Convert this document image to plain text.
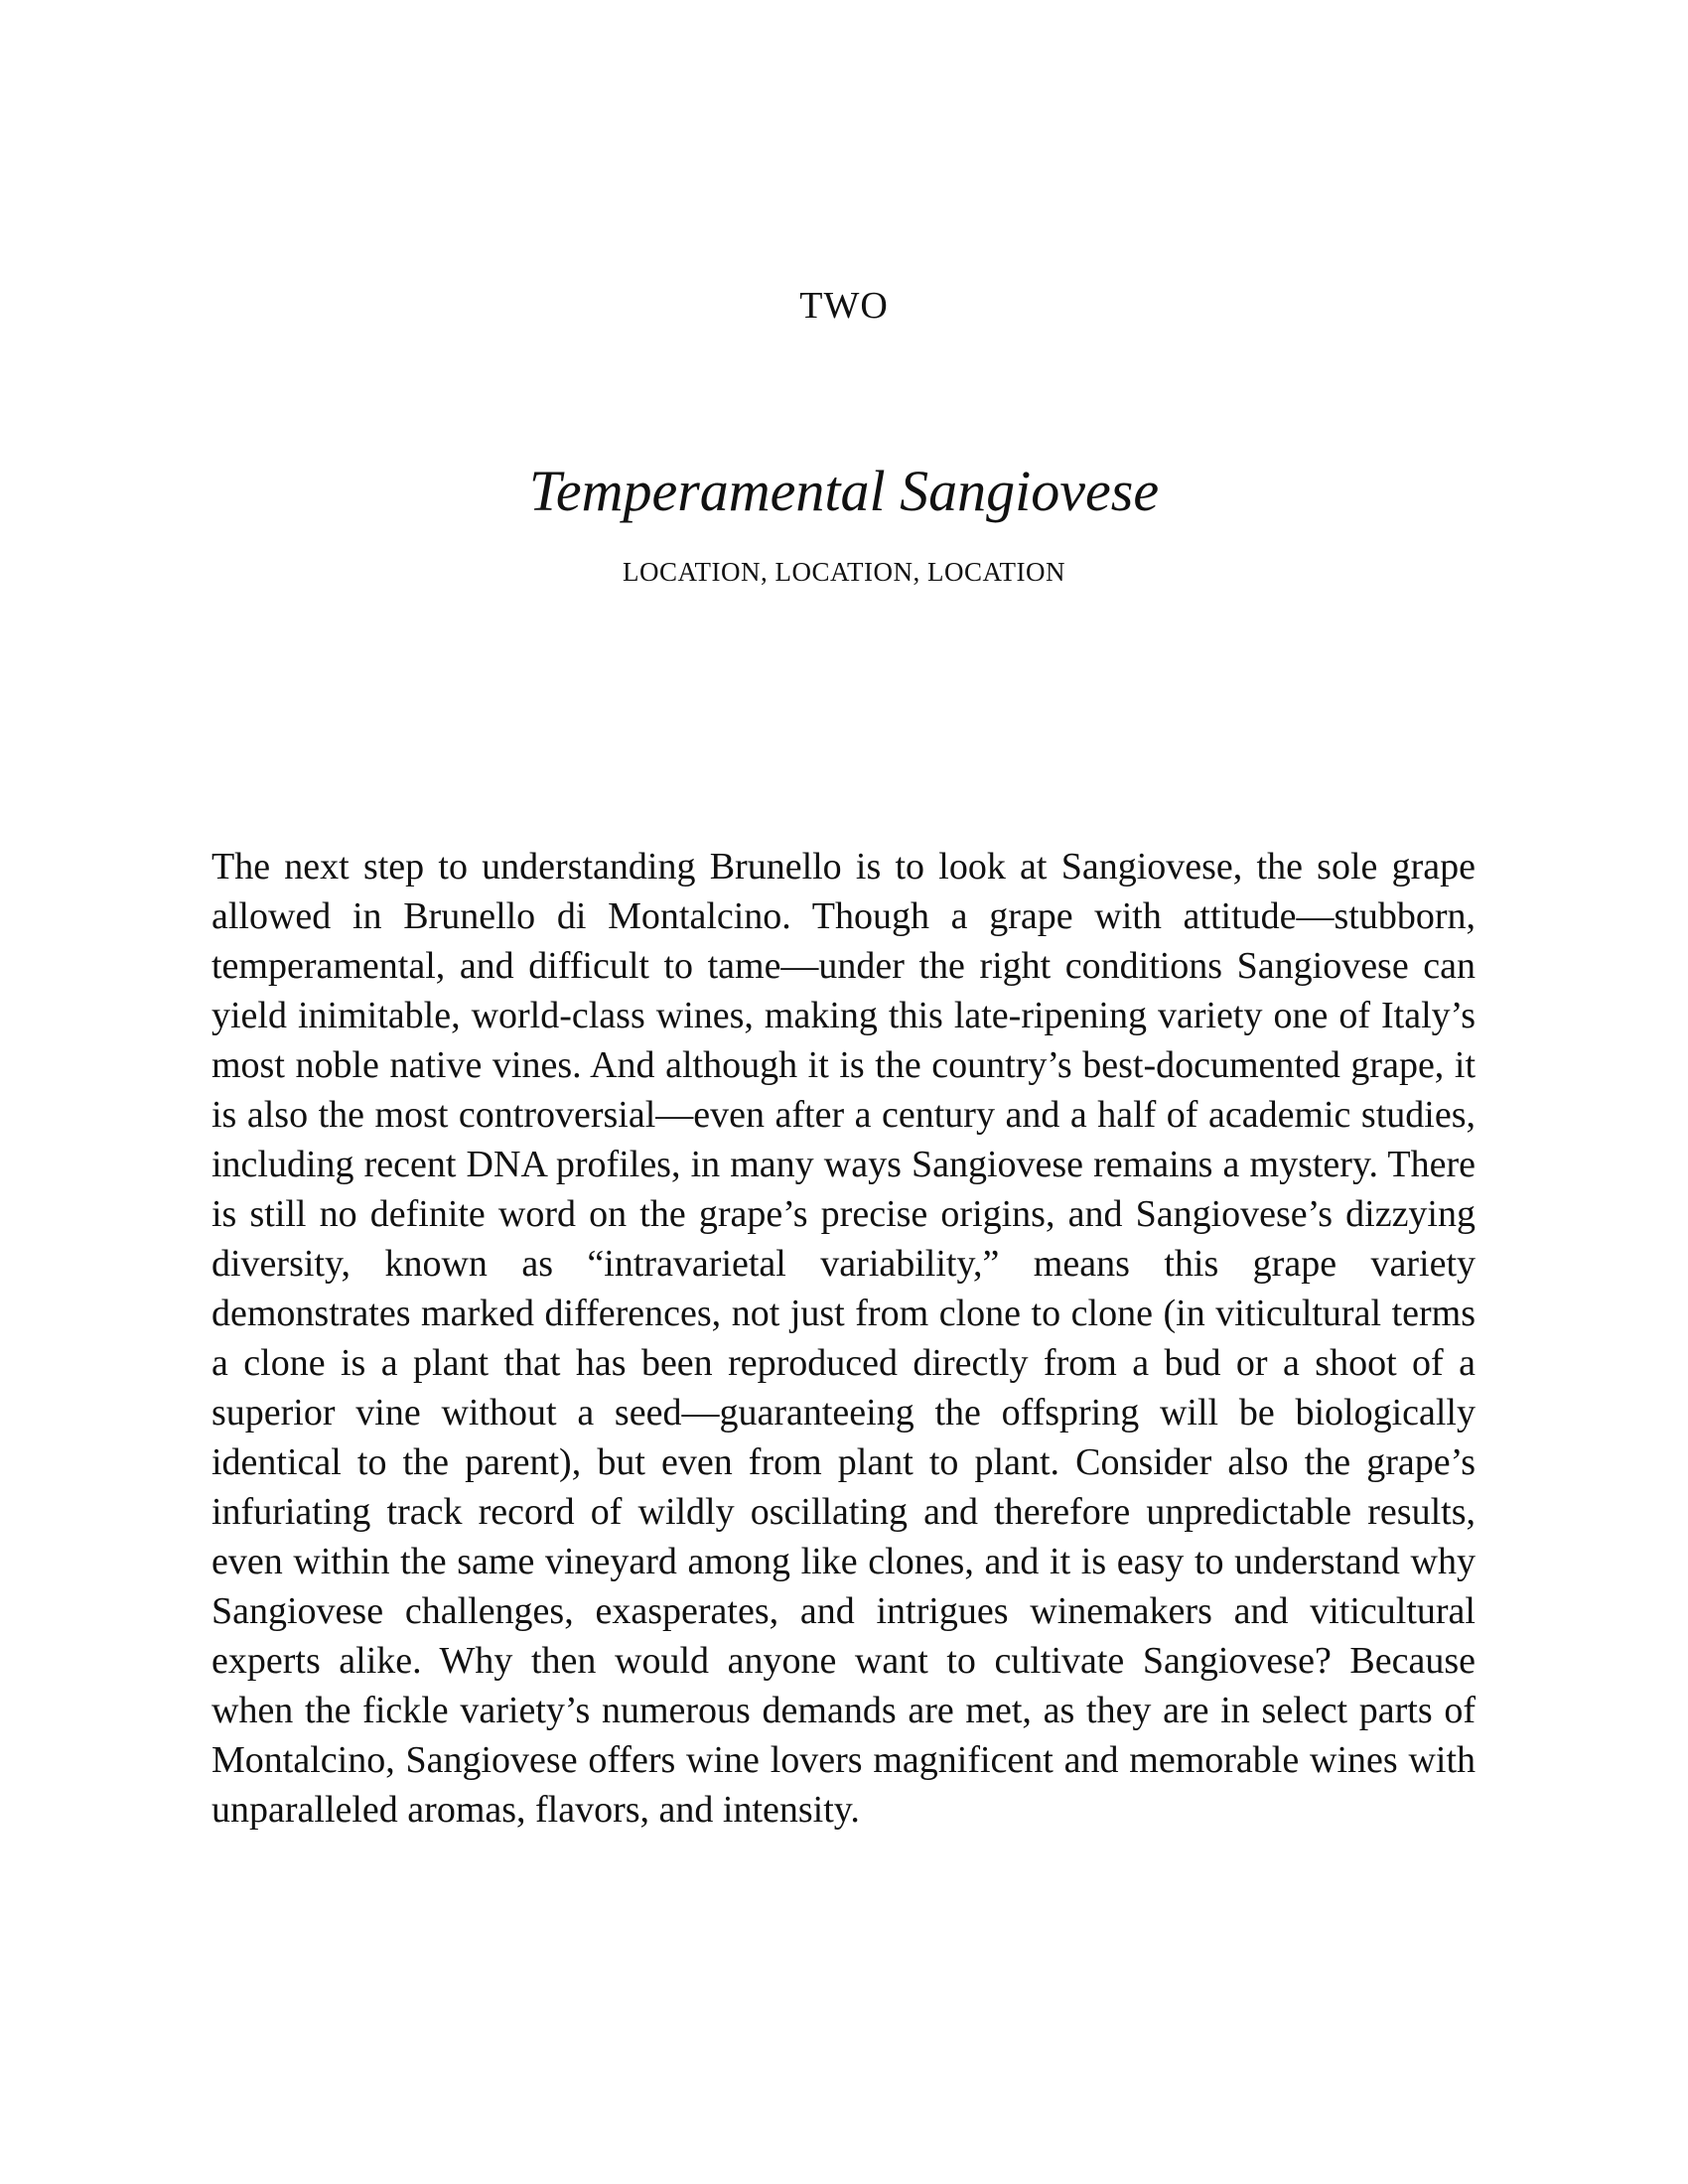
TWO
Temperamental Sangiovese
LOCATION, LOCATION, LOCATION

The next step to understanding Brunello is to look at Sangiovese, the sole grape allowed in Brunello di Montalcino. Though a grape with attitude—stubborn, temperamental, and difficult to tame—under the right conditions Sangiovese can yield inimitable, world-class wines, making this late-ripening variety one of Italy’s most noble native vines. And although it is the country’s best-documented grape, it is also the most controversial—even after a century and a half of academic studies, including recent DNA profiles, in many ways Sangiovese remains a mystery. There is still no definite word on the grape’s precise origins, and Sangiovese’s dizzying diversity, known as “intravarietal variability,” means this grape variety demonstrates marked differences, not just from clone to clone (in viticultural terms a clone is a plant that has been reproduced directly from a bud or a shoot of a superior vine without a seed—guaranteeing the offspring will be biologically identical to the parent), but even from plant to plant. Consider also the grape’s infuriating track record of wildly oscillating and therefore unpredictable results, even within the same vineyard among like clones, and it is easy to understand why Sangiovese challenges, exasperates, and intrigues winemakers and viticultural experts alike. Why then would anyone want to cultivate Sangiovese? Because when the fickle variety’s numerous demands are met, as they are in select parts of Montalcino, Sangiovese offers wine lovers magnificent and memorable wines with unparalleled aromas, flavors, and intensity.
